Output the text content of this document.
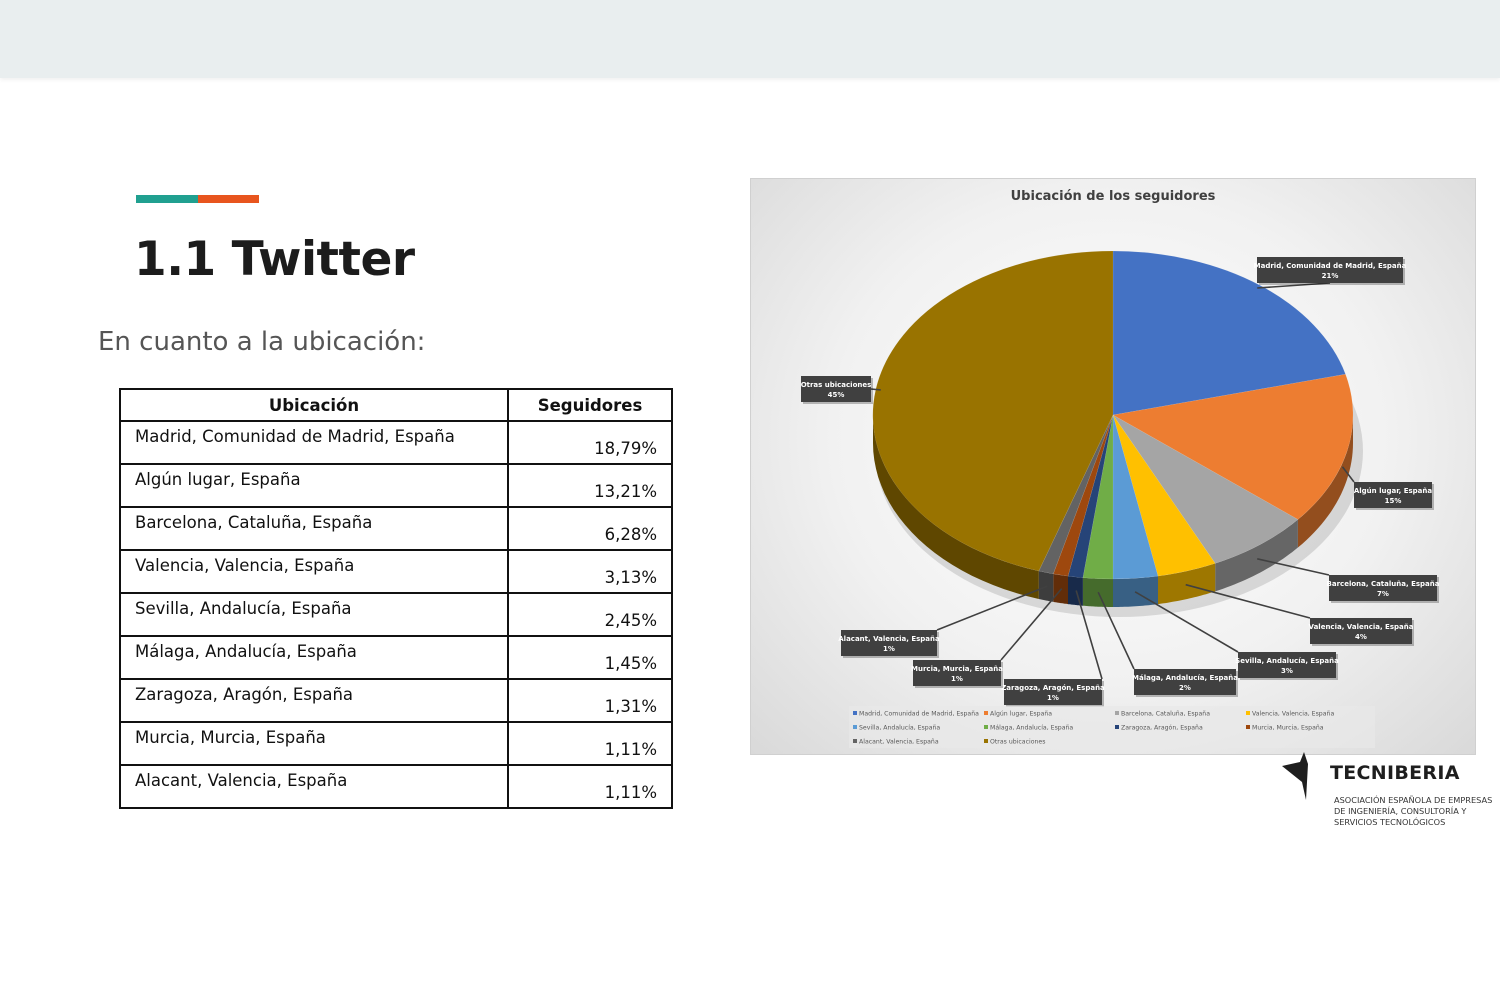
1.1 Twitter
En cuanto a la ubicación:
Ubicación	Seguidores
Madrid, Comunidad de Madrid, España	18,79%
Algún lugar, España	13,21%
Barcelona, Cataluña, España	6,28%
Valencia, Valencia, España	3,13%
Sevilla, Andalucía, España	2,45%
Málaga, Andalucía, España	1,45%
Zaragoza, Aragón, España	1,31%
Murcia, Murcia, España	1,11%
Alacant, Valencia, España	1,11%
Ubicación de los seguidores
Madrid, Comunidad de Madrid, España
21%
Algún lugar, España
15%
Barcelona, Cataluña, España
7%
Valencia, Valencia, España
4%
Sevilla, Andalucía, España
3%
Málaga, Andalucía, España
2%
Zaragoza, Aragón, España
1%
Murcia, Murcia, España
1%
Alacant, Valencia, España
1%
Otras ubicaciones
45%
Madrid, Comunidad de Madrid, España Algún lugar, España	Barcelona, Cataluña, España	Valencia, Valencia, España
Sevilla, Andalucía, España	Málaga, Andalucía, España	Zaragoza, Aragón, España	Murcia, Murcia, España
Alacant, Valencia, España	Otras ubicaciones
TECNIBERIA
ASOCIACIÓN ESPAÑOLA DE EMPRESAS
DE INGENIERÍA, CONSULTORÍA Y
SERVICIOS TECNOLÓGICOS
